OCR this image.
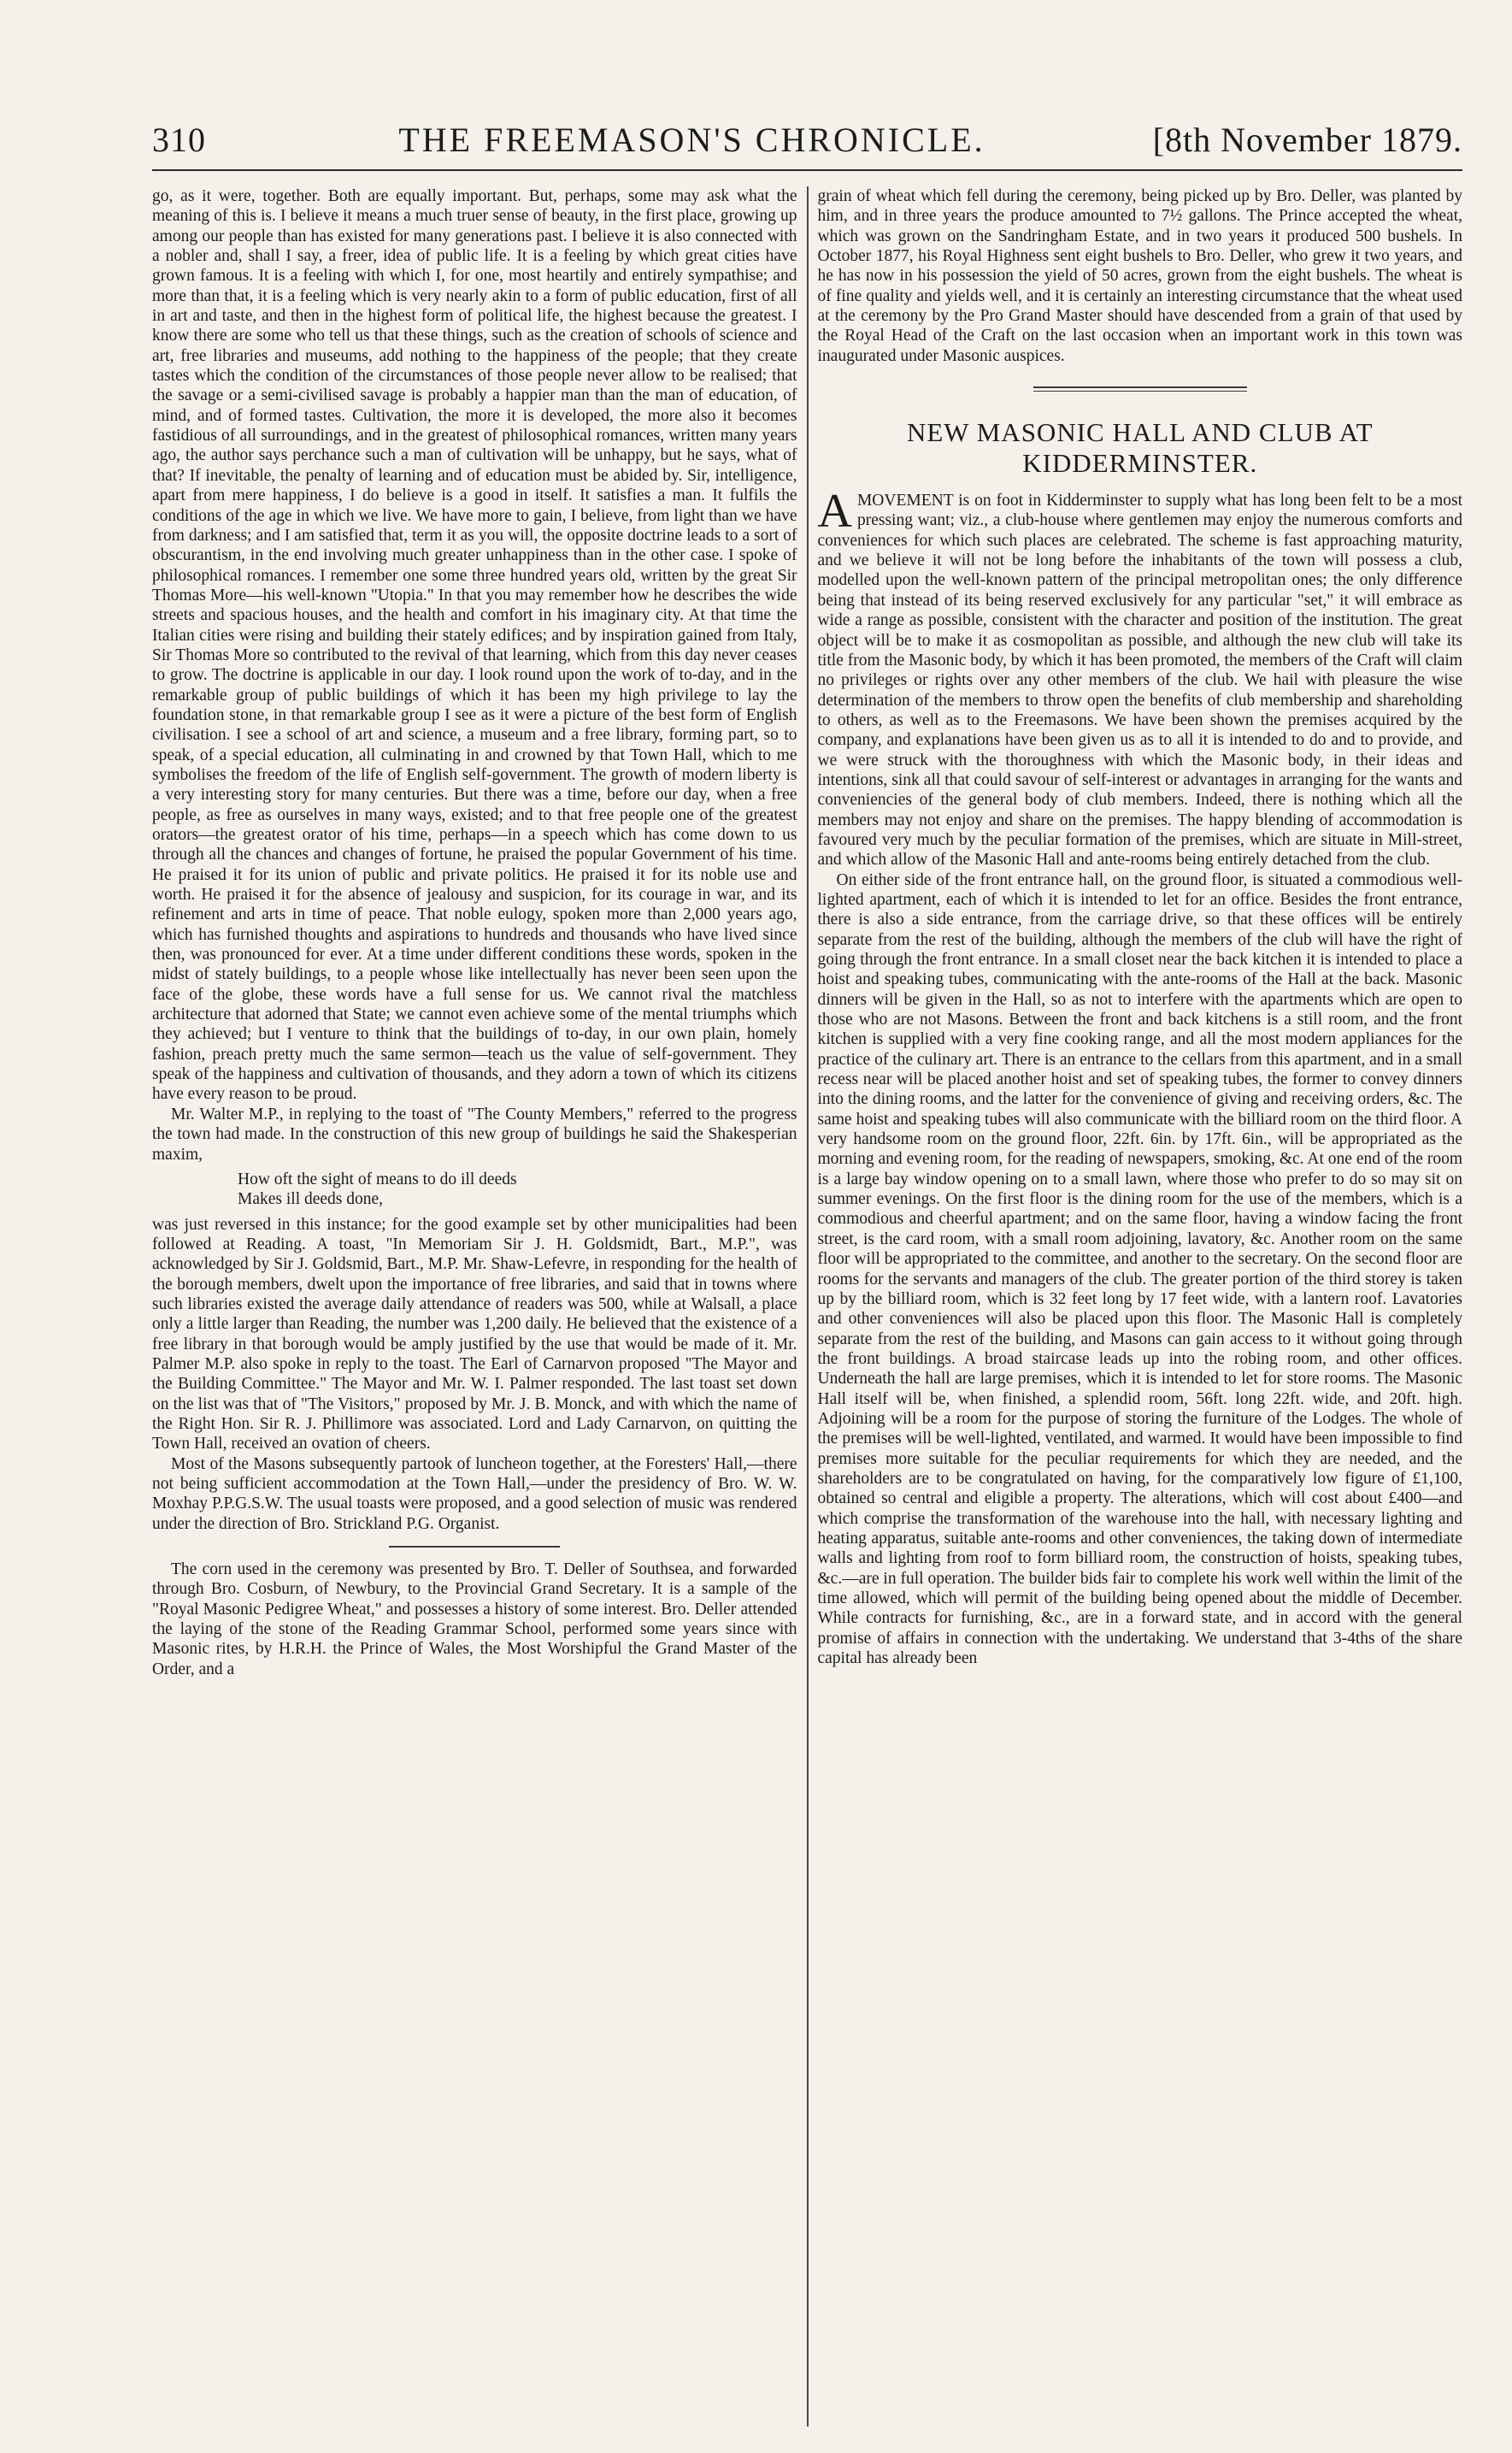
310	THE FREEMASON'S CHRONICLE.	[8th November 1879.

go, as it were, together. Both are equally important. But, perhaps, some may ask what the meaning of this is. I believe it means a much truer sense of beauty, in the first place, growing up among our people than has existed for many generations past. I believe it is also connected with a nobler and, shall I say, a freer, idea of public life. It is a feeling by which great cities have grown famous. It is a feeling with which I, for one, most heartily and entirely sympathise; and more than that, it is a feeling which is very nearly akin to a form of public education, first of all in art and taste, and then in the highest form of political life, the highest because the greatest. I know there are some who tell us that these things, such as the creation of schools of science and art, free libraries and museums, add nothing to the happiness of the people; that they create tastes which the condition of the circumstances of those people never allow to be realised; that the savage or a semi-civilised savage is probably a happier man than the man of education, of mind, and of formed tastes. Cultivation, the more it is developed, the more also it becomes fastidious of all surroundings, and in the greatest of philosophical romances, written many years ago, the author says perchance such a man of cultivation will be unhappy, but he says, what of that? If inevitable, the penalty of learning and of education must be abided by. Sir, intelligence, apart from mere happiness, I do believe is a good in itself. It satisfies a man. It fulfils the conditions of the age in which we live. We have more to gain, I believe, from light than we have from darkness; and I am satisfied that, term it as you will, the opposite doctrine leads to a sort of obscurantism, in the end involving much greater unhappiness than in the other case. I spoke of philosophical romances. I remember one some three hundred years old, written by the great Sir Thomas More—his well-known "Utopia." In that you may remember how he describes the wide streets and spacious houses, and the health and comfort in his imaginary city. At that time the Italian cities were rising and building their stately edifices; and by inspiration gained from Italy, Sir Thomas More so contributed to the revival of that learning, which from this day never ceases to grow. The doctrine is applicable in our day. I look round upon the work of to-day, and in the remarkable group of public buildings of which it has been my high privilege to lay the foundation stone, in that remarkable group I see as it were a picture of the best form of English civilisation. I see a school of art and science, a museum and a free library, forming part, so to speak, of a special education, all culminating in and crowned by that Town Hall, which to me symbolises the freedom of the life of English self-government. The growth of modern liberty is a very interesting story for many centuries. But there was a time, before our day, when a free people, as free as ourselves in many ways, existed; and to that free people one of the greatest orators—the greatest orator of his time, perhaps—in a speech which has come down to us through all the chances and changes of fortune, he praised the popular Government of his time. He praised it for its union of public and private politics. He praised it for its noble use and worth. He praised it for the absence of jealousy and suspicion, for its courage in war, and its refinement and arts in time of peace. That noble eulogy, spoken more than 2,000 years ago, which has furnished thoughts and aspirations to hundreds and thousands who have lived since then, was pronounced for ever. At a time under different conditions these words, spoken in the midst of stately buildings, to a people whose like intellectually has never been seen upon the face of the globe, these words have a full sense for us. We cannot rival the matchless architecture that adorned that State; we cannot even achieve some of the mental triumphs which they achieved; but I venture to think that the buildings of to-day, in our own plain, homely fashion, preach pretty much the same sermon—teach us the value of self-government. They speak of the happiness and cultivation of thousands, and they adorn a town of which its citizens have every reason to be proud.

Mr. Walter M.P., in replying to the toast of "The County Members," referred to the progress the town had made. In the construction of this new group of buildings he said the Shakesperian maxim,

How oft the sight of means to do ill deeds
Makes ill deeds done,

was just reversed in this instance; for the good example set by other municipalities had been followed at Reading. A toast, "In Memoriam Sir J. H. Goldsmidt, Bart., M.P.", was acknowledged by Sir J. Goldsmid, Bart., M.P. Mr. Shaw-Lefevre, in responding for the health of the borough members, dwelt upon the importance of free libraries, and said that in towns where such libraries existed the average daily attendance of readers was 500, while at Walsall, a place only a little larger than Reading, the number was 1,200 daily. He believed that the existence of a free library in that borough would be amply justified by the use that would be made of it. Mr. Palmer M.P. also spoke in reply to the toast. The Earl of Carnarvon proposed "The Mayor and the Building Committee." The Mayor and Mr. W. I. Palmer responded. The last toast set down on the list was that of "The Visitors," proposed by Mr. J. B. Monck, and with which the name of the Right Hon. Sir R. J. Phillimore was associated. Lord and Lady Carnarvon, on quitting the Town Hall, received an ovation of cheers.

Most of the Masons subsequently partook of luncheon together, at the Foresters' Hall,—there not being sufficient accommodation at the Town Hall,—under the presidency of Bro. W. W. Moxhay P.P.G.S.W. The usual toasts were proposed, and a good selection of music was rendered under the direction of Bro. Strickland P.G. Organist.

The corn used in the ceremony was presented by Bro. T. Deller of Southsea, and forwarded through Bro. Cosburn, of Newbury, to the Provincial Grand Secretary. It is a sample of the "Royal Masonic Pedigree Wheat," and possesses a history of some interest. Bro. Deller attended the laying of the stone of the Reading Grammar School, performed some years since with Masonic rites, by H.R.H. the Prince of Wales, the Most Worshipful the Grand Master of the Order, and a

grain of wheat which fell during the ceremony, being picked up by Bro. Deller, was planted by him, and in three years the produce amounted to 7½ gallons. The Prince accepted the wheat, which was grown on the Sandringham Estate, and in two years it produced 500 bushels. In October 1877, his Royal Highness sent eight bushels to Bro. Deller, who grew it two years, and he has now in his possession the yield of 50 acres, grown from the eight bushels. The wheat is of fine quality and yields well, and it is certainly an interesting circumstance that the wheat used at the ceremony by the Pro Grand Master should have descended from a grain of that used by the Royal Head of the Craft on the last occasion when an important work in this town was inaugurated under Masonic auspices.

NEW MASONIC HALL AND CLUB AT KIDDERMINSTER.

AMOVEMENT is on foot in Kidderminster to supply what has long been felt to be a most pressing want; viz., a club-house where gentlemen may enjoy the numerous comforts and conveniences for which such places are celebrated. The scheme is fast approaching maturity, and we believe it will not be long before the inhabitants of the town will possess a club, modelled upon the well-known pattern of the principal metropolitan ones; the only difference being that instead of its being reserved exclusively for any particular "set," it will embrace as wide a range as possible, consistent with the character and position of the institution. The great object will be to make it as cosmopolitan as possible, and although the new club will take its title from the Masonic body, by which it has been promoted, the members of the Craft will claim no privileges or rights over any other members of the club. We hail with pleasure the wise determination of the members to throw open the benefits of club membership and shareholding to others, as well as to the Freemasons. We have been shown the premises acquired by the company, and explanations have been given us as to all it is intended to do and to provide, and we were struck with the thoroughness with which the Masonic body, in their ideas and intentions, sink all that could savour of self-interest or advantages in arranging for the wants and conveniencies of the general body of club members. Indeed, there is nothing which all the members may not enjoy and share on the premises. The happy blending of accommodation is favoured very much by the peculiar formation of the premises, which are situate in Mill-street, and which allow of the Masonic Hall and ante-rooms being entirely detached from the club.

On either side of the front entrance hall, on the ground floor, is situated a commodious well-lighted apartment, each of which it is intended to let for an office. Besides the front entrance, there is also a side entrance, from the carriage drive, so that these offices will be entirely separate from the rest of the building, although the members of the club will have the right of going through the front entrance. In a small closet near the back kitchen it is intended to place a hoist and speaking tubes, communicating with the ante-rooms of the Hall at the back. Masonic dinners will be given in the Hall, so as not to interfere with the apartments which are open to those who are not Masons. Between the front and back kitchens is a still room, and the front kitchen is supplied with a very fine cooking range, and all the most modern appliances for the practice of the culinary art. There is an entrance to the cellars from this apartment, and in a small recess near will be placed another hoist and set of speaking tubes, the former to convey dinners into the dining rooms, and the latter for the convenience of giving and receiving orders, &c. The same hoist and speaking tubes will also communicate with the billiard room on the third floor. A very handsome room on the ground floor, 22ft. 6in. by 17ft. 6in., will be appropriated as the morning and evening room, for the reading of newspapers, smoking, &c. At one end of the room is a large bay window opening on to a small lawn, where those who prefer to do so may sit on summer evenings. On the first floor is the dining room for the use of the members, which is a commodious and cheerful apartment; and on the same floor, having a window facing the front street, is the card room, with a small room adjoining, lavatory, &c. Another room on the same floor will be appropriated to the committee, and another to the secretary. On the second floor are rooms for the servants and managers of the club. The greater portion of the third storey is taken up by the billiard room, which is 32 feet long by 17 feet wide, with a lantern roof. Lavatories and other conveniences will also be placed upon this floor. The Masonic Hall is completely separate from the rest of the building, and Masons can gain access to it without going through the front buildings. A broad staircase leads up into the robing room, and other offices. Underneath the hall are large premises, which it is intended to let for store rooms. The Masonic Hall itself will be, when finished, a splendid room, 56ft. long 22ft. wide, and 20ft. high. Adjoining will be a room for the purpose of storing the furniture of the Lodges. The whole of the premises will be well-lighted, ventilated, and warmed. It would have been impossible to find premises more suitable for the peculiar requirements for which they are needed, and the shareholders are to be congratulated on having, for the comparatively low figure of £1,100, obtained so central and eligible a property. The alterations, which will cost about £400—and which comprise the transformation of the warehouse into the hall, with necessary lighting and heating apparatus, suitable ante-rooms and other conveniences, the taking down of intermediate walls and lighting from roof to form billiard room, the construction of hoists, speaking tubes, &c.—are in full operation. The builder bids fair to complete his work well within the limit of the time allowed, which will permit of the building being opened about the middle of December. While contracts for furnishing, &c., are in a forward state, and in accord with the general promise of affairs in connection with the undertaking. We understand that 3-4ths of the share capital has already been
